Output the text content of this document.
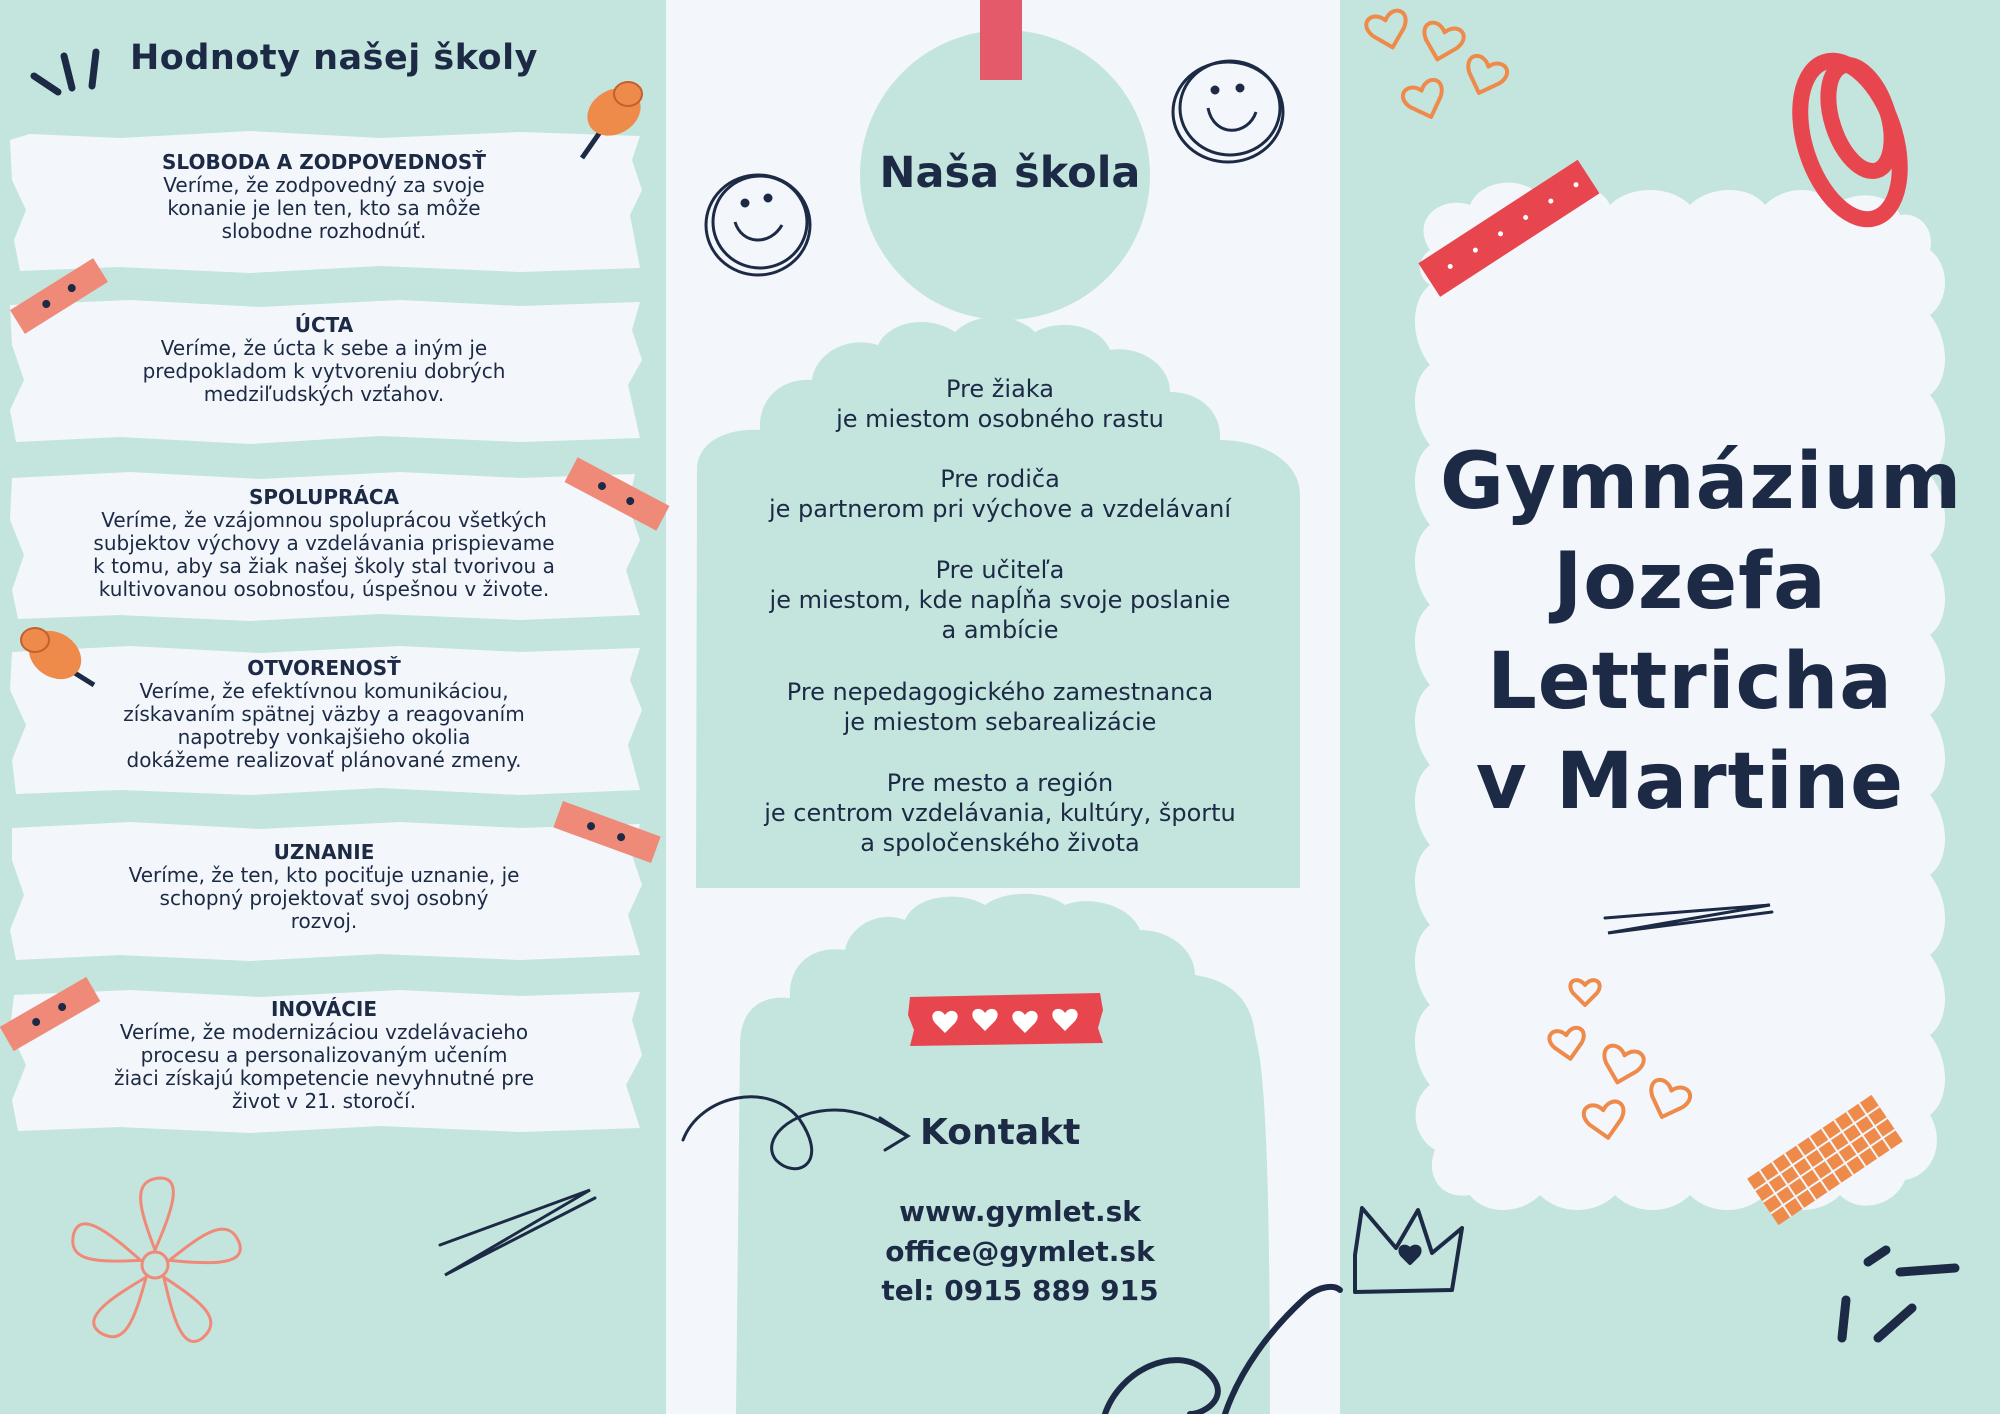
Hodnoty našej školy
SLOBODA A ZODPOVEDNOSŤ
Veríme, že zodpovedný za svoje
konanie je len ten, kto sa môže
slobodne rozhodnúť.
ÚCTA
Veríme, že úcta k sebe a iným je
predpokladom k vytvoreniu dobrých
medziľudských vzťahov.
SPOLUPRÁCA
Veríme, že vzájomnou spoluprácou všetkých
subjektov výchovy a vzdelávania prispievame
k tomu, aby sa žiak našej školy stal tvorivou a
kultivovanou osobnosťou, úspešnou v živote.
OTVORENOSŤ
Veríme, že efektívnou komunikáciou,
získavaním spätnej väzby a reagovaním
napotreby vonkajšieho okolia
dokážeme realizovať plánované zmeny.
UZNANIE
Veríme, že ten, kto pociťuje uznanie, je
schopný projektovať svoj osobný
rozvoj.
INOVÁCIE
Veríme, že modernizáciou vzdelávacieho
procesu a personalizovaným učením
žiaci získajú kompetencie nevyhnutné pre
život v 21. storočí.
Naša škola
Pre žiaka
je miestom osobného rastu
Pre rodiča
je partnerom pri výchove a vzdelávaní
Pre učiteľa
je miestom, kde napĺňa svoje poslanie
a ambície
Pre nepedagogického zamestnanca
je miestom sebarealizácie
Pre mesto a región
je centrom vzdelávania, kultúry, športu
a spoločenského života
Kontakt
www.gymlet.sk
office@gymlet.sk
tel: 0915 889 915
Gymnázium
Jozefa
Lettricha
v Martine
